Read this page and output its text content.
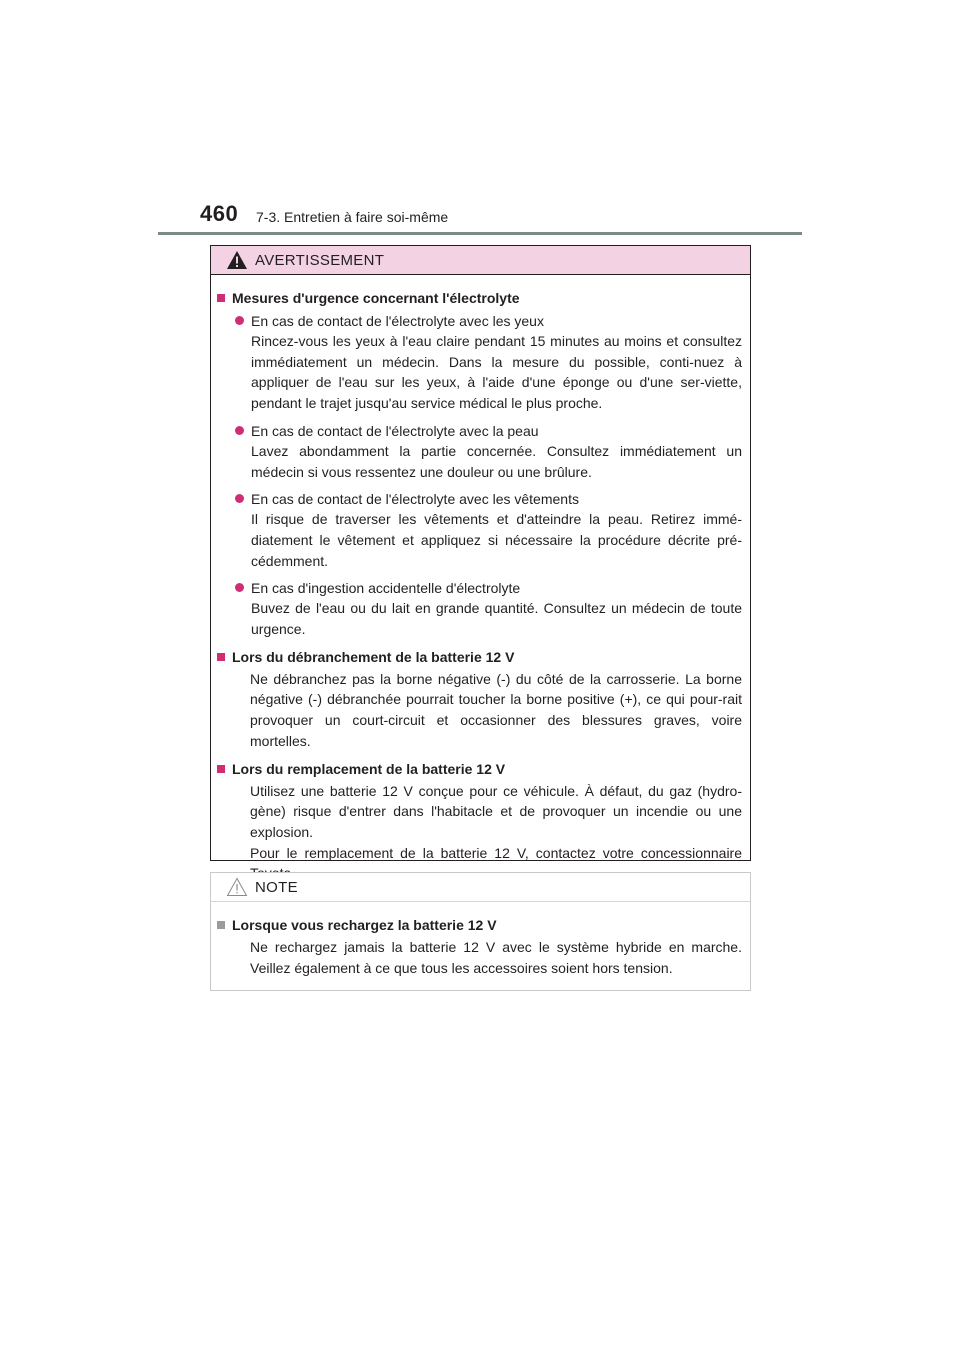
460 7-3. Entretien à faire soi-même
AVERTISSEMENT
Mesures d'urgence concernant l'électrolyte
En cas de contact de l'électrolyte avec les yeux

Rincez-vous les yeux à l'eau claire pendant 15 minutes au moins et consultez immédiatement un médecin. Dans la mesure du possible, conti-nuez à appliquer de l'eau sur les yeux, à l'aide d'une éponge ou d'une ser-viette, pendant le trajet jusqu'au service médical le plus proche.

En cas de contact de l'électrolyte avec la peau

Lavez abondamment la partie concernée. Consultez immédiatement un médecin si vous ressentez une douleur ou une brûlure.

En cas de contact de l'électrolyte avec les vêtements

Il risque de traverser les vêtements et d'atteindre la peau. Retirez immé-diatement le vêtement et appliquez si nécessaire la procédure décrite pré-cédemment.

En cas d'ingestion accidentelle d'électrolyte

Buvez de l'eau ou du lait en grande quantité. Consultez un médecin de toute urgence.

Lors du débranchement de la batterie 12 V

Ne débranchez pas la borne négative (-) du côté de la carrosserie. La borne négative (-) débranchée pourrait toucher la borne positive (+), ce qui pour-rait provoquer un court-circuit et occasionner des blessures graves, voire mortelles.

Lors du remplacement de la batterie 12 V

Utilisez une batterie 12 V conçue pour ce véhicule. À défaut, du gaz (hydro-gène) risque d'entrer dans l'habitacle et de provoquer un incendie ou une explosion.

Pour le remplacement de la batterie 12 V, contactez votre concessionnaire

NOTE
Lorsque vous rechargez la batterie 12 V

Ne rechargez jamais la batterie 12 V avec le système hybride en marche. Veillez également à ce que tous les accessoires soient hors tension.
